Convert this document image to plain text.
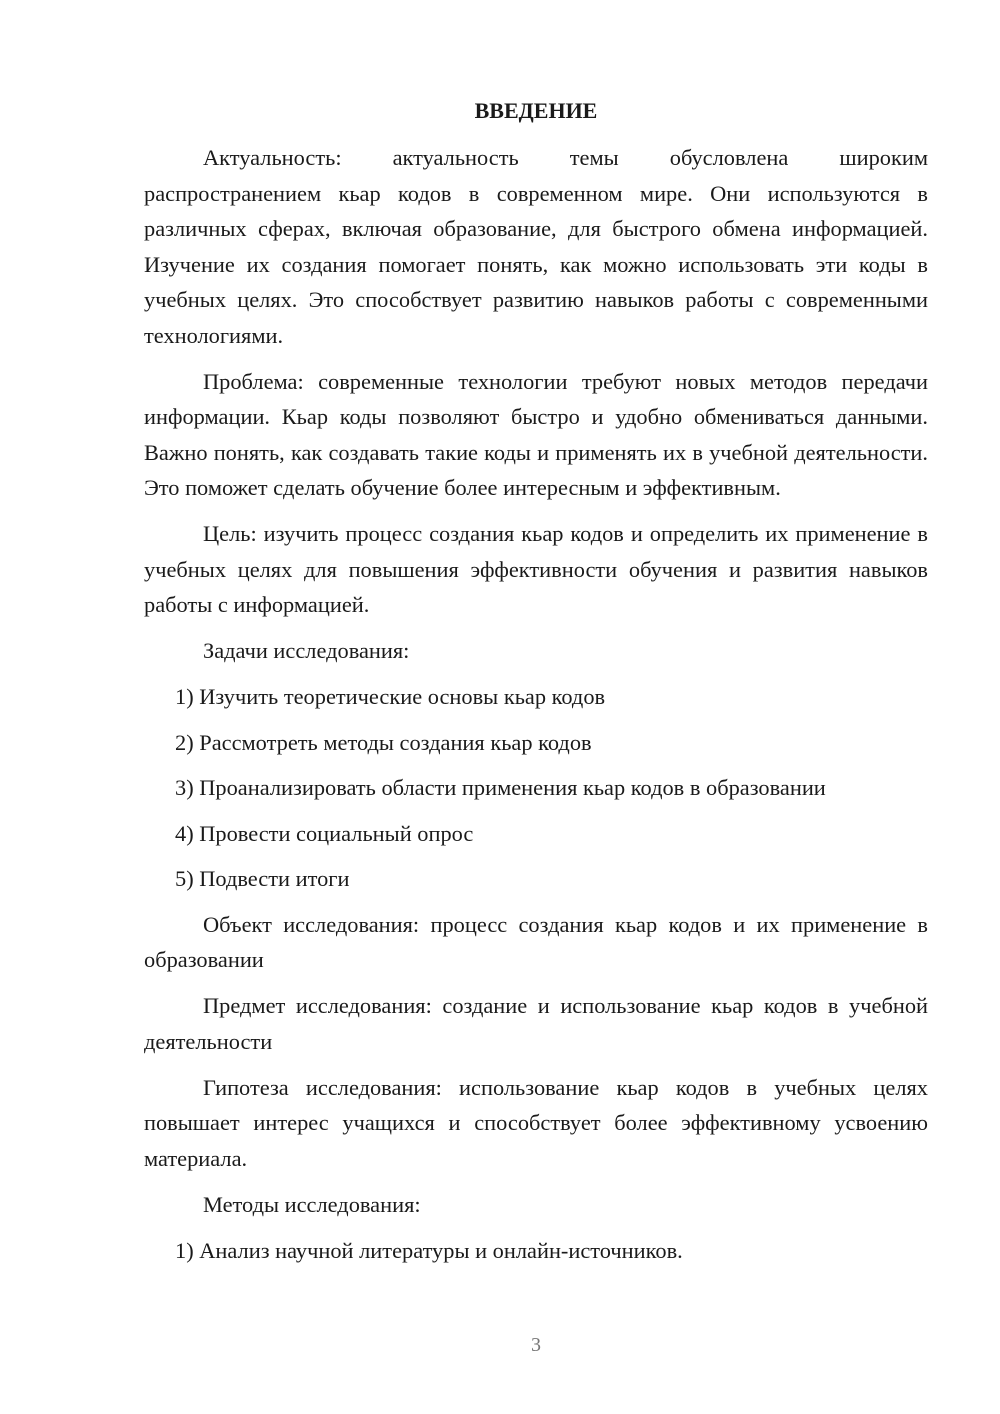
ВВЕДЕНИЕ

Актуальность: актуальность темы обусловлена широким распространением кьар кодов в современном мире. Они используются в различных сферах, включая образование, для быстрого обмена информацией. Изучение их создания помогает понять, как можно использовать эти коды в учебных целях. Это способствует развитию навыков работы с современными технологиями.

Проблема: современные технологии требуют новых методов передачи информации. Кьар коды позволяют быстро и удобно обмениваться данными. Важно понять, как создавать такие коды и применять их в учебной деятельности. Это поможет сделать обучение более интересным и эффективным.

Цель: изучить процесс создания кьар кодов и определить их применение в учебных целях для повышения эффективности обучения и развития навыков работы с информацией.

Задачи исследования:

1) Изучить теоретические основы кьар кодов

2) Рассмотреть методы создания кьар кодов

3) Проанализировать области применения кьар кодов в образовании

4) Провести социальный опрос

5) Подвести итоги

Объект исследования: процесс создания кьар кодов и их применение в образовании

Предмет исследования: создание и использование кьар кодов в учебной деятельности

Гипотеза исследования: использование кьар кодов в учебных целях повышает интерес учащихся и способствует более эффективному усвоению материала.

Методы исследования:

1) Анализ научной литературы и онлайн-источников.

3
